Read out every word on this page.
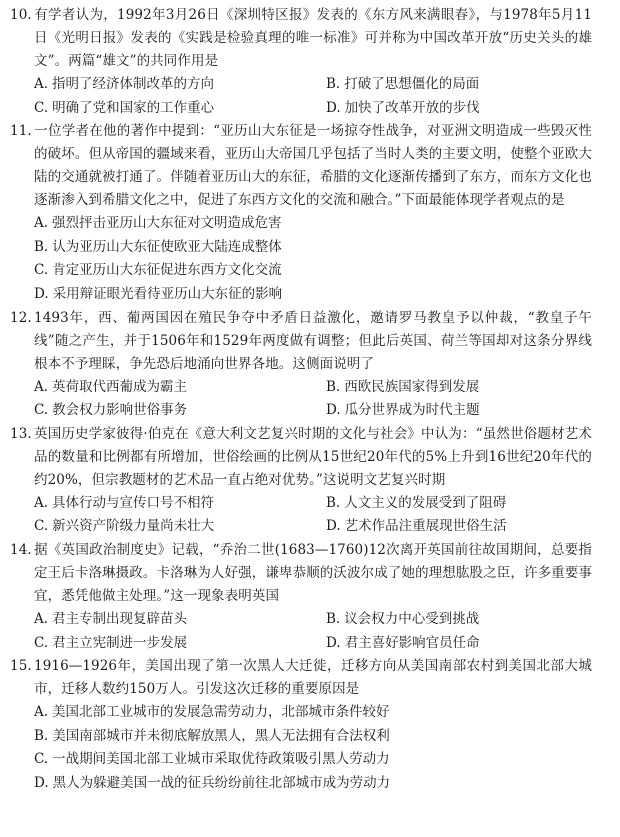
10. 有学者认为，1992年3月26日《深圳特区报》发表的《东方风来满眼春》，与1978年5月11日《光明日报》发表的《实践是检验真理的唯一标准》可并称为中国改革开放“历史关头的雄文”。两篇“雄文”的共同作用是

A. 指明了经济体制改革的方向	B. 打破了思想僵化的局面
C. 明确了党和国家的工作重心	D. 加快了改革开放的步伐

11. 一位学者在他的著作中提到：“亚历山大东征是一场掠夺性战争，对亚洲文明造成一些毁灭性的破坏。但从帝国的疆域来看，亚历山大帝国几乎包括了当时人类的主要文明，使整个亚欧大陆的交通就被打通了。伴随着亚历山大的东征，希腊的文化逐渐传播到了东方，而东方文化也逐渐渗入到希腊文化之中，促进了东西方文化的交流和融合。”下面最能体现学者观点的是

A. 强烈抨击亚历山大东征对文明造成危害
B. 认为亚历山大东征使欧亚大陆连成整体
C. 肯定亚历山大东征促进东西方文化交流
D. 采用辩证眼光看待亚历山大东征的影响

12. 1493年，西、葡两国因在殖民争夺中矛盾日益激化，邀请罗马教皇予以仲裁，“教皇子午线”随之产生，并于1506年和1529年两度做有调整；但此后英国、荷兰等国却对这条分界线根本不予理睬，争先恐后地涌向世界各地。这侧面说明了

A. 英荷取代西葡成为霸主	B. 西欧民族国家得到发展
C. 教会权力影响世俗事务	D. 瓜分世界成为时代主题

13. 英国历史学家彼得·伯克在《意大利文艺复兴时期的文化与社会》中认为：“虽然世俗题材艺术品的数量和比例都有所增加，世俗绘画的比例从15世纪20年代的5%上升到16世纪20年代的约20%，但宗教题材的艺术品一直占绝对优势。”这说明文艺复兴时期

A. 具体行动与宣传口号不相符	B. 人文主义的发展受到了阻碍
C. 新兴资产阶级力量尚未壮大	D. 艺术作品注重展现世俗生活

14. 据《英国政治制度史》记载，“乔治二世(1683—1760)12次离开英国前往故国期间，总要指定王后卡洛琳摄政。卡洛琳为人好强，谦卑恭顺的沃波尔成了她的理想肱股之臣，许多重要事宜，悉凭他做主处理。”这一现象表明英国

A. 君主专制出现复辟苗头	B. 议会权力中心受到挑战
C. 君主立宪制进一步发展	D. 君主喜好影响官员任命

15. 1916—1926年，美国出现了第一次黑人大迁徙，迁移方向从美国南部农村到美国北部大城市，迁移人数约150万人。引发这次迁移的重要原因是

A. 美国北部工业城市的发展急需劳动力，北部城市条件较好
B. 美国南部城市并未彻底解放黑人，黑人无法拥有合法权利
C. 一战期间美国北部工业城市采取优待政策吸引黑人劳动力
D. 黑人为躲避美国一战的征兵纷纷前往北部城市成为劳动力
